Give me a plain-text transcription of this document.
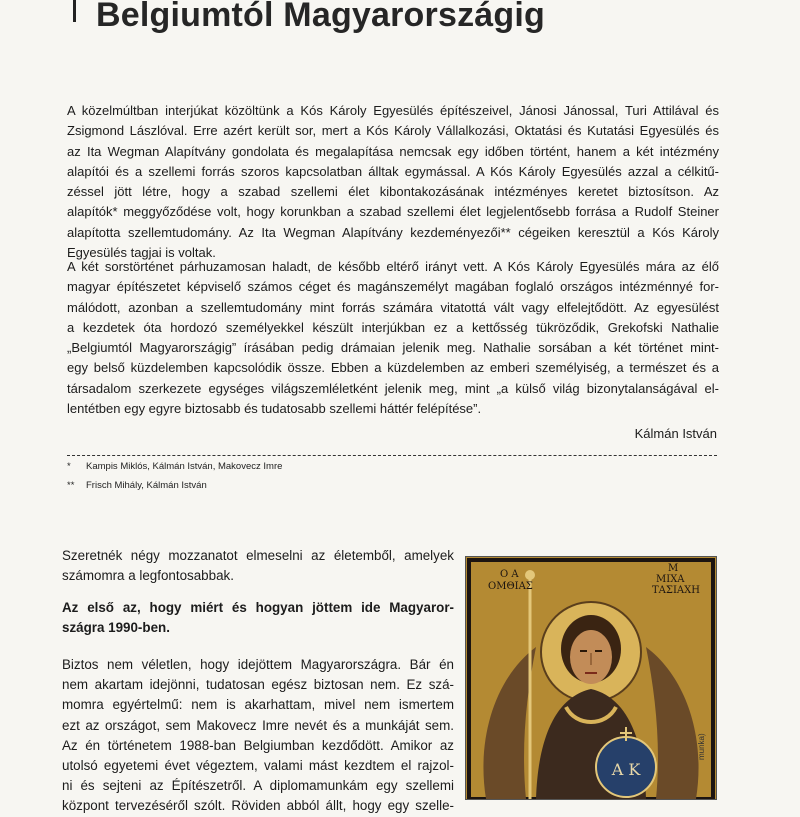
Belgiumtól Magyarországig

A közelmúltban interjúkat közöltünk a Kós Károly Egyesülés építészeivel, Jánosi Jánossal, Turi Attilával és
Zsigmond Lászlóval. Erre azért került sor, mert a Kós Károly Vállalkozási, Oktatási és Kutatási Egyesülés és
az Ita Wegman Alapítvány gondolata és megalapítása nemcsak egy időben történt, hanem a két intézmény
alapítói és a szellemi forrás szoros kapcsolatban álltak egymással. A Kós Károly Egyesülés azzal a célkitű-
zéssel jött létre, hogy a szabad szellemi élet kibontakozásának intézményes keretet biztosítson. Az
alapítók* meggyőződése volt, hogy korunkban a szabad szellemi élet legjelentősebb forrása a Rudolf Steiner
alapította szellemtudomány. Az Ita Wegman Alapítvány kezdeményezői** cégeiken keresztül a Kós Károly
Egyesülés tagjai is voltak.

A két sorstörténet párhuzamosan haladt, de később eltérő irányt vett. A Kós Károly Egyesülés mára az élő
magyar építészetet képviselő számos céget és magánszemélyt magában foglaló országos intézménnyé for-
málódott, azonban a szellemtudomány mint forrás számára vitatottá vált vagy elfelejtődött. Az egyesülést
a kezdetek óta hordozó személyekkel készült interjúkban ez a kettősség tükröződik, Grekofski Nathalie
„Belgiumtól Magyarországig” írásában pedig drámaian jelenik meg. Nathalie sorsában a két történet mint-
egy belső küzdelemben kapcsolódik össze. Ebben a küzdelemben az emberi személyiség, a természet és a
társadalom szerkezete egységes világszemléletként jelenik meg, mint „a külső világ bizonytalanságával el-
lentétben egy egyre biztosabb és tudatosabb szellemi háttér felépítése”.

Kálmán István
* Kampis Miklós, Kálmán István, Makovecz Imre
** Frisch Mihály, Kálmán István

Szeretnék négy mozzanatot elmeselni az életemből, amelyek
számomra a legfontosabbak.

Az első az, hogy miért és hogyan jöttem ide Magyaror-
szágra 1990-ben.

Biztos nem véletlen, hogy idejöttem Magyarországra. Bár én
nem akartam idejönni, tudatosan egész biztosan nem. Ez szá-
momra egyértelmű: nem is akarhattam, mivel nem ismertem
ezt az országot, sem Makovecz Imre nevét és a munkáját sem.
Az én történetem 1988-ban Belgiumban kezdődött. Amikor az
utolsó egyetemi évet végeztem, valami mást kezdtem el rajzol-
ni és sejteni az Építészetről. A diplomamunkám egy szellemi
központ tervezéséről szólt. Röviden abból állt, hogy egy szelle-

Α Κ
Ο Α ΟΜΘΙΑΣ
Μ ΜΙΧΑ ΤΑΣΙΑΧΗ
munka)
